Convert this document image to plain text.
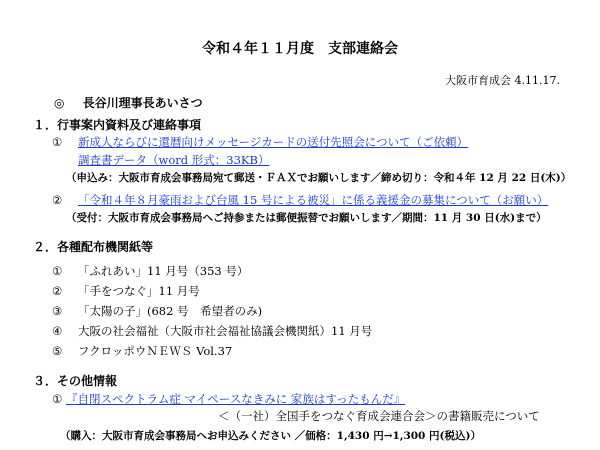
令和４年１１月度　支部連絡会
大阪市育成会 4.11.17.
◎ 長谷川理事長あいさつ
１．行事案内資料及び連絡事項
① 新成人ならびに還暦向けメッセージカードの送付先照会について（ご依頼）
調査書データ（word 形式：33KB）
（申込み：大阪市育成会事務局宛て郵送・ＦＡＸでお願いします／締め切り：令和４年 12 月 22 日(木)）
② 「令和４年８月豪雨および台風 15 号による被災」に係る義援金の募集について（お願い）
（受付：大阪市育成会事務局へご持参または郵便振替でお願いします／期間：11 月 30 日(水)まで）
２．各種配布機関紙等
① 「ふれあい」11 月号（353 号）
② 「手をつなぐ」11 月号
③ 「太陽の子」(682 号　希望者のみ)
④ 大阪の社会福祉（大阪市社会福祉協議会機関紙）11 月号
⑤ フクロッポウＮＥＷＳ Vol.37
３．その他情報
① 『自閉スペクトラム症 マイペースなきみに 家族はすったもんだ』
＜（一社）全国手をつなぐ育成会連合会＞の書籍販売について
（購入：大阪市育成会事務局へお申込みください ／価格：1,430 円→1,300 円(税込)）
